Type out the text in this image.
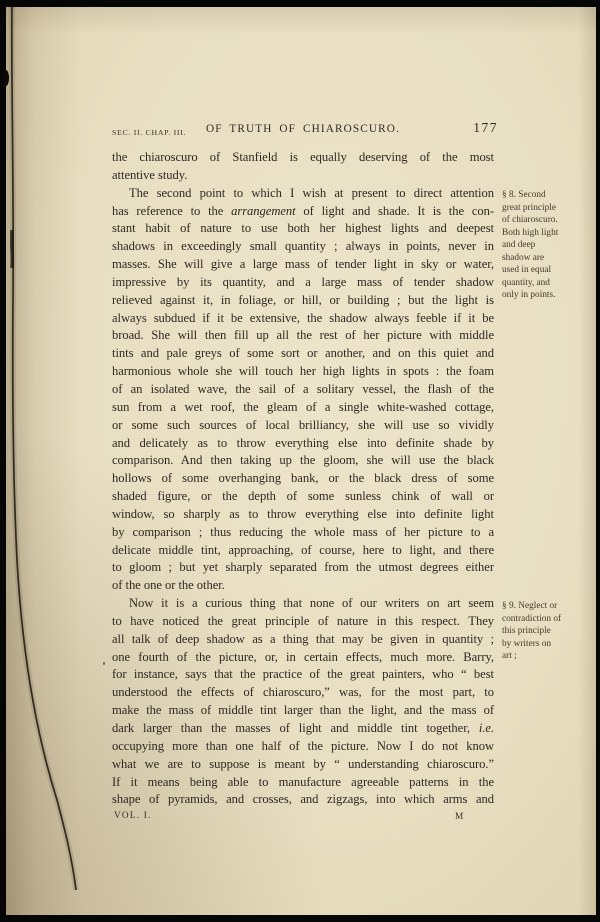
SEC. II. CHAP. III.	OF TRUTH OF CHIAROSCURO.	177
the chiaroscuro of Stanfield is equally deserving of the most
attentive study.
The second point to which I wish at present to direct attention
has reference to the arrangement of light and shade. It is the con-
stant habit of nature to use both her highest lights and deepest
shadows in exceedingly small quantity ; always in points, never in
masses. She will give a large mass of tender light in sky or water,
impressive by its quantity, and a large mass of tender shadow
relieved against it, in foliage, or hill, or building ; but the light is
always subdued if it be extensive, the shadow always feeble if it be
broad. She will then fill up all the rest of her picture with middle
tints and pale greys of some sort or another, and on this quiet and
harmonious whole she will touch her high lights in spots : the foam
of an isolated wave, the sail of a solitary vessel, the flash of the
sun from a wet roof, the gleam of a single white-washed cottage,
or some such sources of local brilliancy, she will use so vividly
and delicately as to throw everything else into definite shade by
comparison. And then taking up the gloom, she will use the black
hollows of some overhanging bank, or the black dress of some
shaded figure, or the depth of some sunless chink of wall or
window, so sharply as to throw everything else into definite light
by comparison ; thus reducing the whole mass of her picture to a
delicate middle tint, approaching, of course, here to light, and there
to gloom ; but yet sharply separated from the utmost degrees either
of the one or the other.
Now it is a curious thing that none of our writers on art seem
to have noticed the great principle of nature in this respect. They
all talk of deep shadow as a thing that may be given in quantity ;
one fourth of the picture, or, in certain effects, much more. Barry,
for instance, says that the practice of the great painters, who “ best
understood the effects of chiaroscuro,” was, for the most part, to
make the mass of middle tint larger than the light, and the mass of
dark larger than the masses of light and middle tint together, i.e.
occupying more than one half of the picture. Now I do not know
what we are to suppose is meant by “ understanding chiaroscuro.”
If it means being able to manufacture agreeable patterns in the
shape of pyramids, and crosses, and zigzags, into which arms and
§ 8. Second
great principle
of chiaroscuro.
Both high light
and deep
shadow are
used in equal
quantity, and
only in points.
§ 9. Neglect or
contradiction of
this principle
by writers on
art ;
VOL. I.	M
